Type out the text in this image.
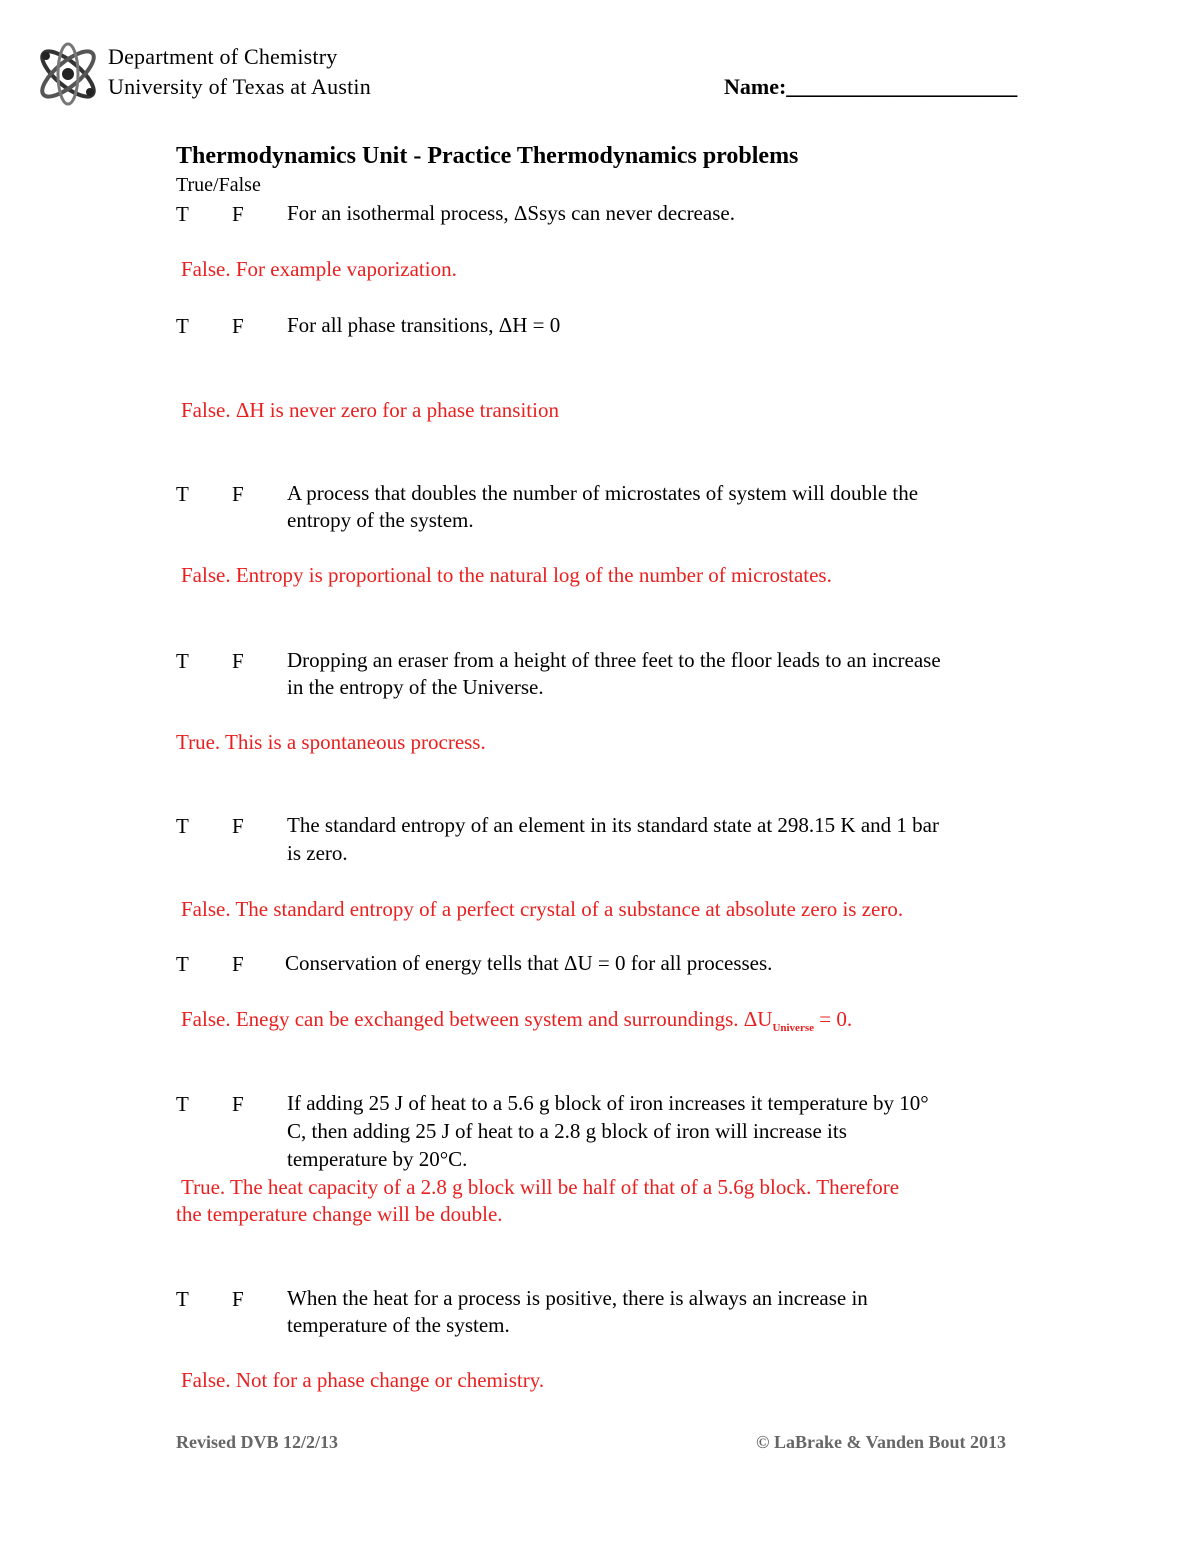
Department of Chemistry
University of Texas at Austin	Name:_____________________
Thermodynamics Unit - Practice Thermodynamics problems
True/False
T F For an isothermal process, ΔSsys can never decrease.
False. For example vaporization.
T F For all phase transitions, ΔH = 0
False. ΔH is never zero for a phase transition
T F A process that doubles the number of microstates of system will double the
entropy of the system.
False. Entropy is proportional to the natural log of the number of microstates.
T F Dropping an eraser from a height of three feet to the floor leads to an increase
in the entropy of the Universe.
True. This is a spontaneous procress.
T F The standard entropy of an element in its standard state at 298.15 K and 1 bar
is zero.
False. The standard entropy of a perfect crystal of a substance at absolute zero is zero.
T F Conservation of energy tells that ΔU = 0 for all processes.
False. Enegy can be exchanged between system and surroundings. $\Delta U_{Universe} = 0$.
T F If adding 25 J of heat to a 5.6 g block of iron increases it temperature by 10°
C, then adding 25 J of heat to a 2.8 g block of iron will increase its
temperature by 20°C.
True. The heat capacity of a 2.8 g block will be half of that of a 5.6g block. Therefore
the temperature change will be double.
T F When the heat for a process is positive, there is always an increase in
temperature of the system.
False. Not for a phase change or chemistry.
Revised DVB 12/2/13	© LaBrake & Vanden Bout 2013
